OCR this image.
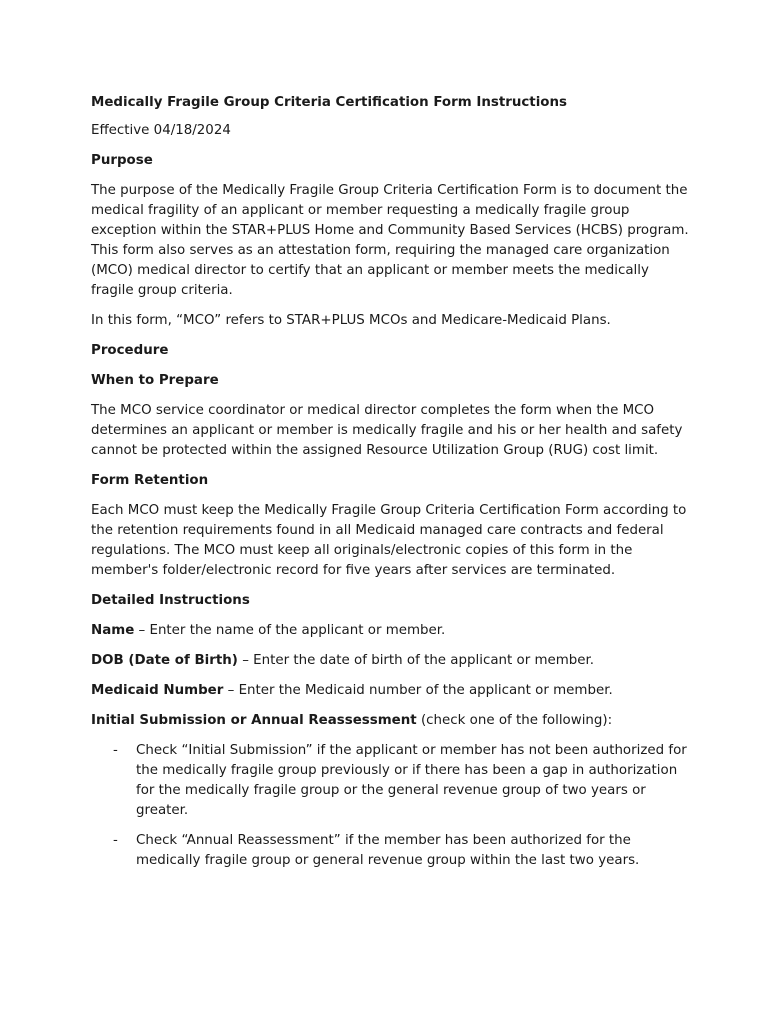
Medically Fragile Group Criteria Certification Form Instructions

Effective 04/18/2024

Purpose

The purpose of the Medically Fragile Group Criteria Certification Form is to document the medical fragility of an applicant or member requesting a medically fragile group exception within the STAR+PLUS Home and Community Based Services (HCBS) program. This form also serves as an attestation form, requiring the managed care organization (MCO) medical director to certify that an applicant or member meets the medically fragile group criteria.

In this form, “MCO” refers to STAR+PLUS MCOs and Medicare-Medicaid Plans.

Procedure

When to Prepare

The MCO service coordinator or medical director completes the form when the MCO determines an applicant or member is medically fragile and his or her health and safety cannot be protected within the assigned Resource Utilization Group (RUG) cost limit.

Form Retention

Each MCO must keep the Medically Fragile Group Criteria Certification Form according to the retention requirements found in all Medicaid managed care contracts and federal regulations. The MCO must keep all originals/electronic copies of this form in the member's folder/electronic record for five years after services are terminated.

Detailed Instructions

Name – Enter the name of the applicant or member.

DOB (Date of Birth) – Enter the date of birth of the applicant or member.

Medicaid Number – Enter the Medicaid number of the applicant or member.

Initial Submission or Annual Reassessment (check one of the following):

- Check “Initial Submission” if the applicant or member has not been authorized for the medically fragile group previously or if there has been a gap in authorization for the medically fragile group or the general revenue group of two years or greater.
- Check “Annual Reassessment” if the member has been authorized for the medically fragile group or general revenue group within the last two years.
